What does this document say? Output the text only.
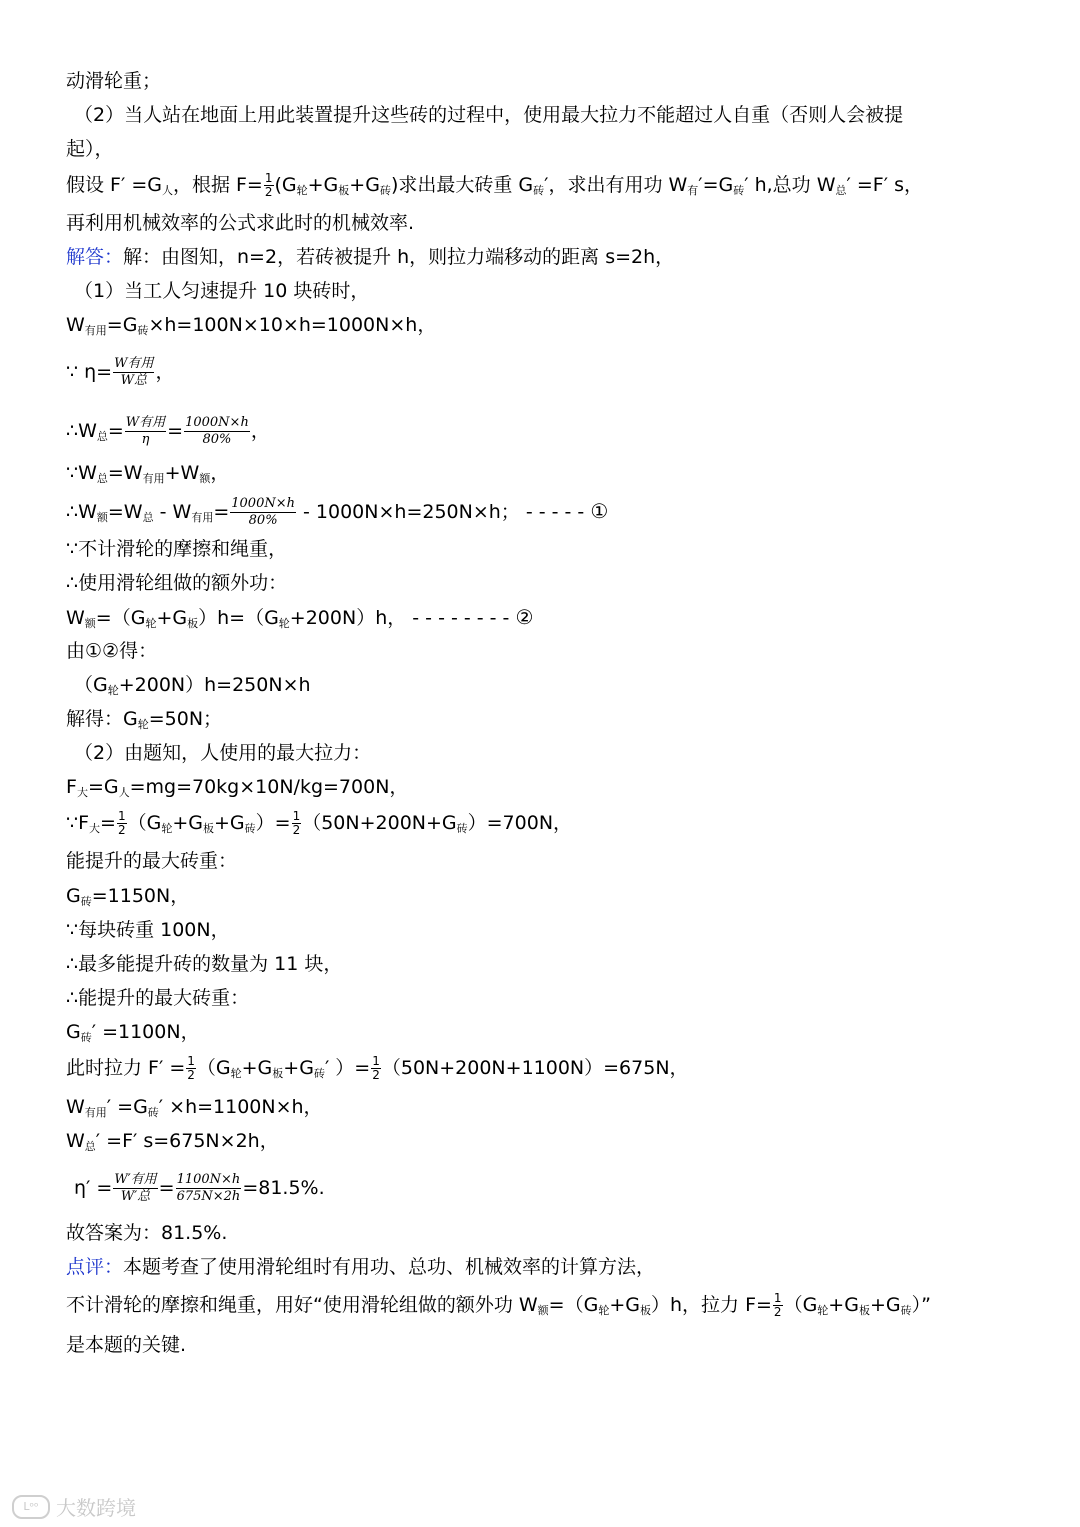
动滑轮重；
（2）当人站在地面上用此装置提升这些砖的过程中，使用最大拉力不能超过人自重（否则人会被提
起），
假设 $F' =G_人$，根据 $F= \frac{1}{2} (G_轮+G_板+G_砖)$求出最大砖重 $G_砖'$，求出有用功 $W_有'=G_砖'$ h,总功 $W_总' =F'$ s，
再利用机械效率的公式求此时的机械效率.
解答：解：由图知，n=2，若砖被提升 h，则拉力端移动的距离 s=2h，
（1）当工人匀速提升 10 块砖时，
$W_{有用}=G_砖\times h=100N\times 10\times h=1000N\times h$，
∵ $\eta= \frac{\text{W有用}}{\text{W总}}$ ，
$\therefore W_总= \frac{\text{W有用}}{\eta} = \frac{1000N\times h}{80\%}$ ，
$\because W_总=W_{有用}+W_额$，
$\therefore W_额=W_总 - W_{有用}= \frac{1000N\times h}{80\%} - 1000N\times h=250N\times h$； - - - - - ①
∵不计滑轮的摩擦和绳重，
∴使用滑轮组做的额外功：
$W_额=(G_轮+G_板)h=(G_轮+200N)h$， - - - - - - - - ②
由①②得：
$(G_轮+200N)h=250N\times h$
解得：$G_轮=50N$；
（2）由题知，人使用的最大拉力：
$F_大=G_人=mg=70kg\times 10N/kg=700N$，
$\because F_大= \frac{1}{2} (G_轮+G_板+G_砖)= \frac{1}{2} (50N+200N+G_砖)=700N$，
能提升的最大砖重：
$G_砖=1150N$，
∵每块砖重 100N，
∴最多能提升砖的数量为 11 块，
∴能提升的最大砖重：
$G_砖' =1100N$，
此时拉力 $F' = \frac{1}{2} (G_轮+G_板+G_砖'$ ）= $\frac{1}{2} (50N+200N+1100N)=675N$，
$W_{有用}' =G_砖' \times h=1100N\times h$，
$W_总' =F'$ s=675N×2h，
$\eta' = \frac{\text{W′有用}}{\text{W′总}} = \frac{1100N\times h}{675N\times 2h} =81.5\%$.
故答案为：81.5%.
点评：本题考查了使用滑轮组时有用功、总功、机械效率的计算方法，
不计滑轮的摩擦和绳重，用好“使用滑轮组做的额外功 $W_额=(G_轮+G_板)h$，拉力 $F= \frac{1}{2} (G_轮+G_板+G_砖)$”
是本题的关键.
Lᵒᵒ 大数跨境
